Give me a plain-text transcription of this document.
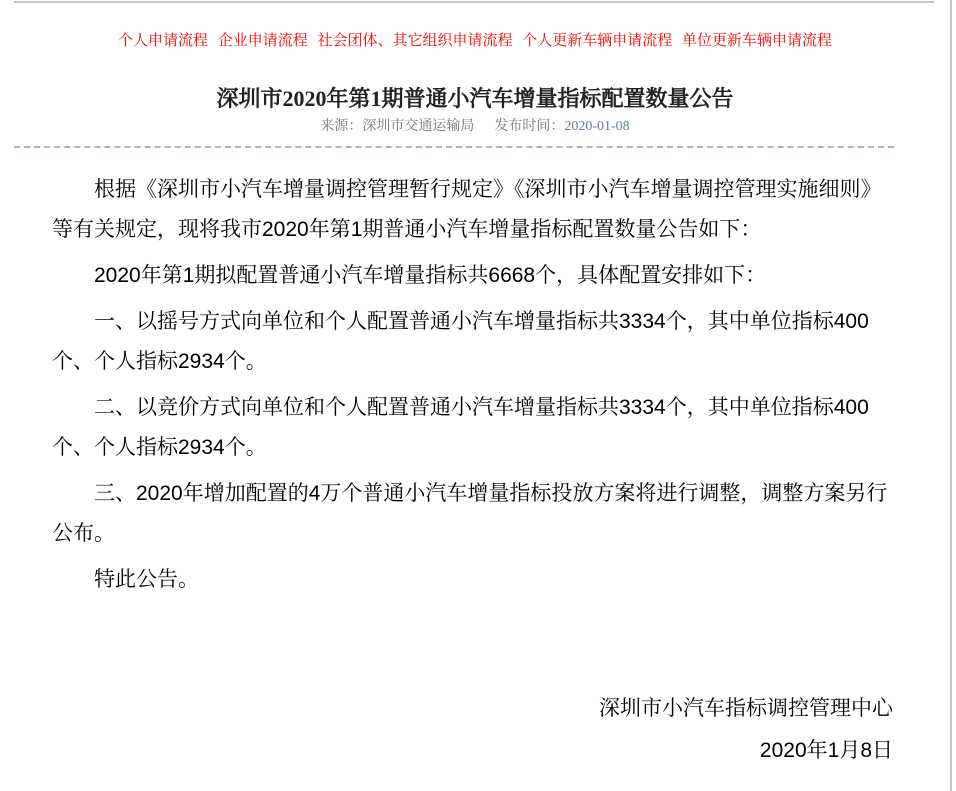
个人申请流程 企业申请流程 社会团体、其它组织申请流程 个人更新车辆申请流程 单位更新车辆申请流程
深圳市2020年第1期普通小汽车增量指标配置数量公告
来源：深圳市交通运输局 发布时间：2020-01-08

根据《深圳市小汽车增量调控管理暂行规定》《深圳市小汽车增量调控管理实施细则》等有关规定，现将我市2020年第1期普通小汽车增量指标配置数量公告如下：

2020年第1期拟配置普通小汽车增量指标共6668个，具体配置安排如下：

一、以摇号方式向单位和个人配置普通小汽车增量指标共3334个，其中单位指标400个、个人指标2934个。

二、以竞价方式向单位和个人配置普通小汽车增量指标共3334个，其中单位指标400个、个人指标2934个。

三、2020年增加配置的4万个普通小汽车增量指标投放方案将进行调整，调整方案另行公布。

特此公告。

深圳市小汽车指标调控管理中心
2020年1月8日
